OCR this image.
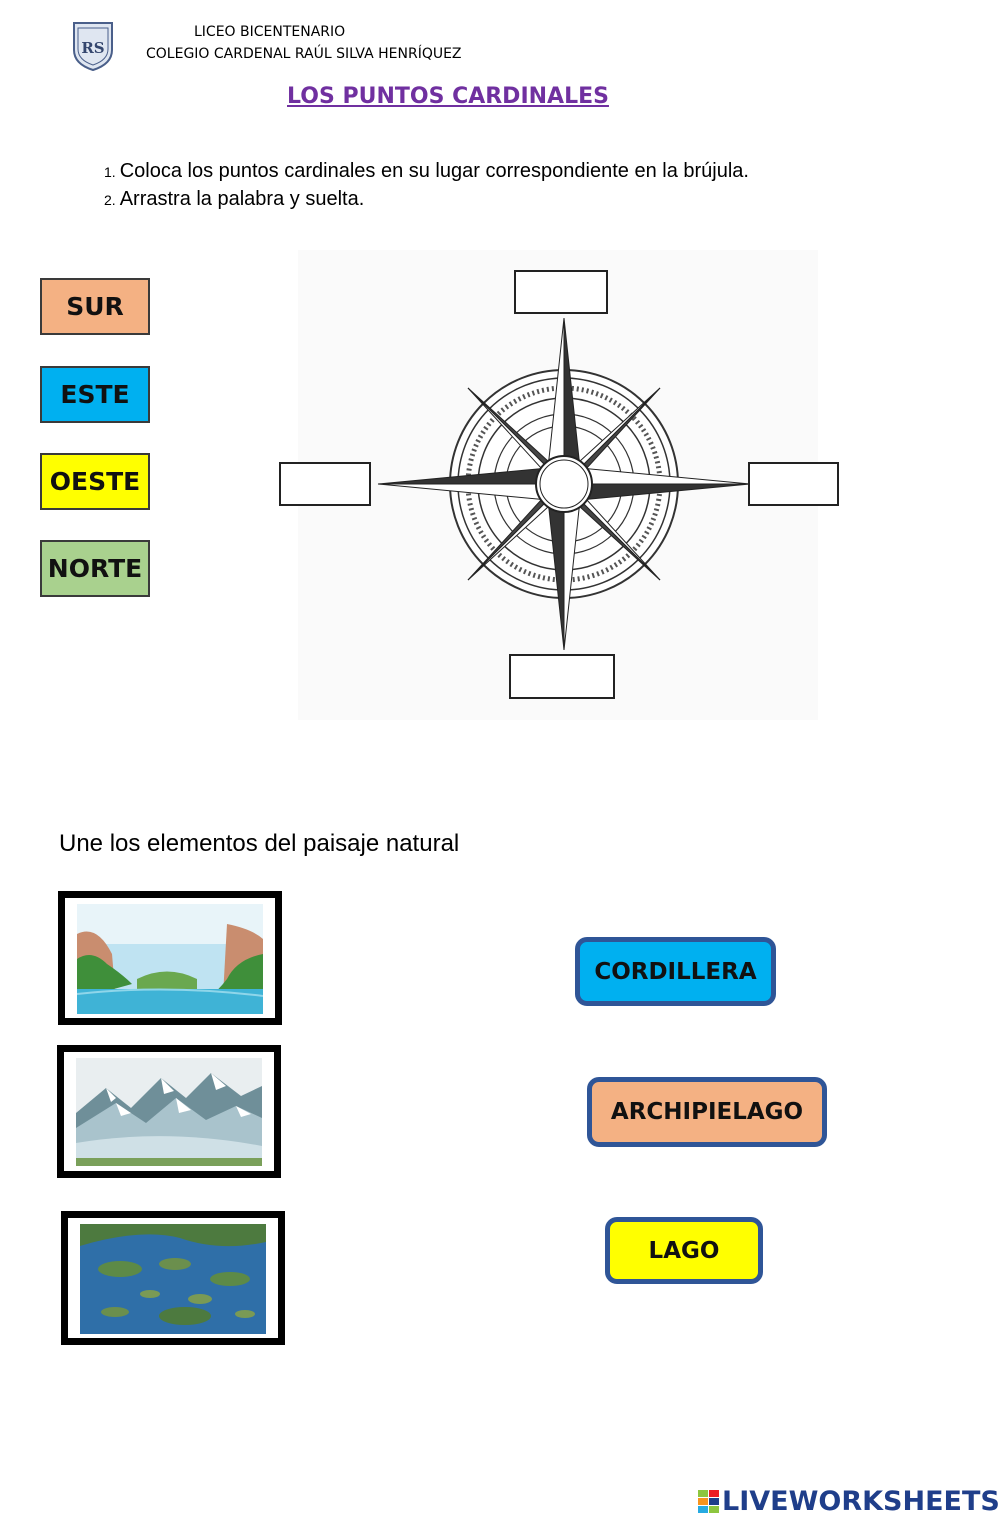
RS
LICEO BICENTENARIO
COLEGIO CARDENAL RAÚL SILVA HENRÍQUEZ
LOS PUNTOS CARDINALES
1. Coloca los puntos cardinales en su lugar correspondiente en la brújula.
2. Arrastra la palabra y suelta.
SUR
ESTE
OESTE
NORTE
Une los elementos del paisaje natural
CORDILLERA
ARCHIPIELAGO
LAGO
LIVEWORKSHEETS
